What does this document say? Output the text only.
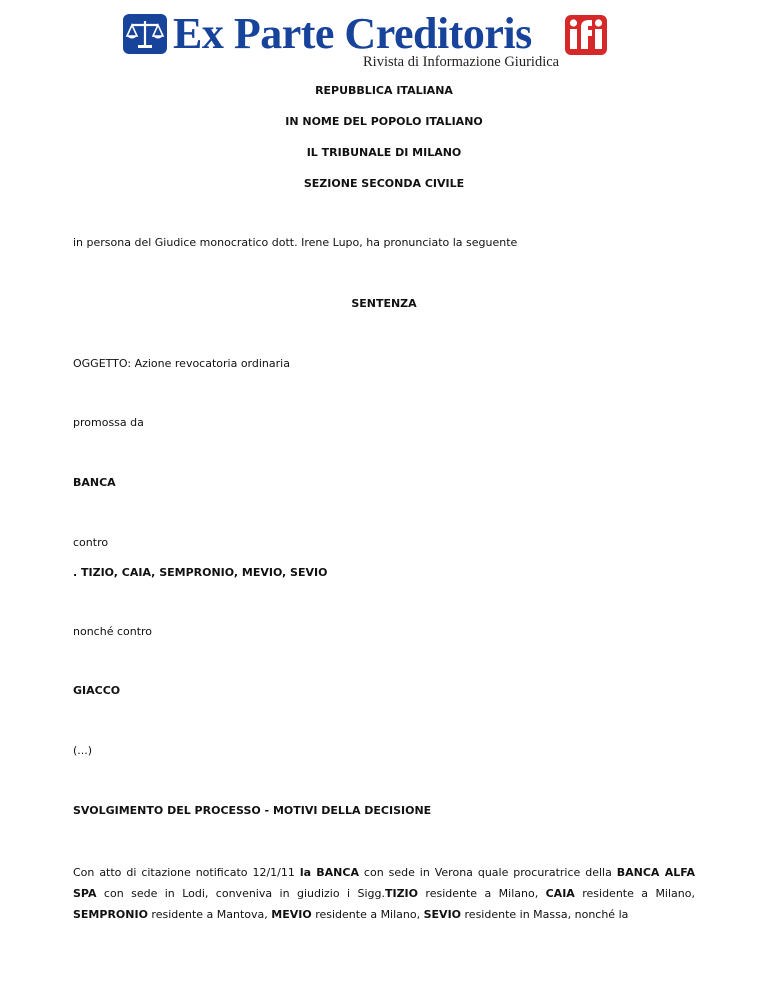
Ex Parte Creditoris
Rivista di Informazione Giuridica
REPUBBLICA ITALIANA
IN NOME DEL POPOLO ITALIANO
IL TRIBUNALE DI MILANO
SEZIONE SECONDA CIVILE
in persona del Giudice monocratico dott. Irene Lupo, ha pronunciato la seguente
SENTENZA
OGGETTO: Azione revocatoria ordinaria
promossa da
BANCA
contro
. TIZIO, CAIA, SEMPRONIO, MEVIO, SEVIO
nonché contro
GIACCO
(...)
SVOLGIMENTO DEL PROCESSO - MOTIVI DELLA DECISIONE
Con atto di citazione notificato 12/1/11 la BANCA con sede in Verona quale procuratrice della BANCA ALFA SPA con sede in Lodi, conveniva in giudizio i Sigg.TIZIO residente a Milano, CAIA residente a Milano, SEMPRONIO residente a Mantova, MEVIO residente a Milano, SEVIO residente in Massa, nonché la
